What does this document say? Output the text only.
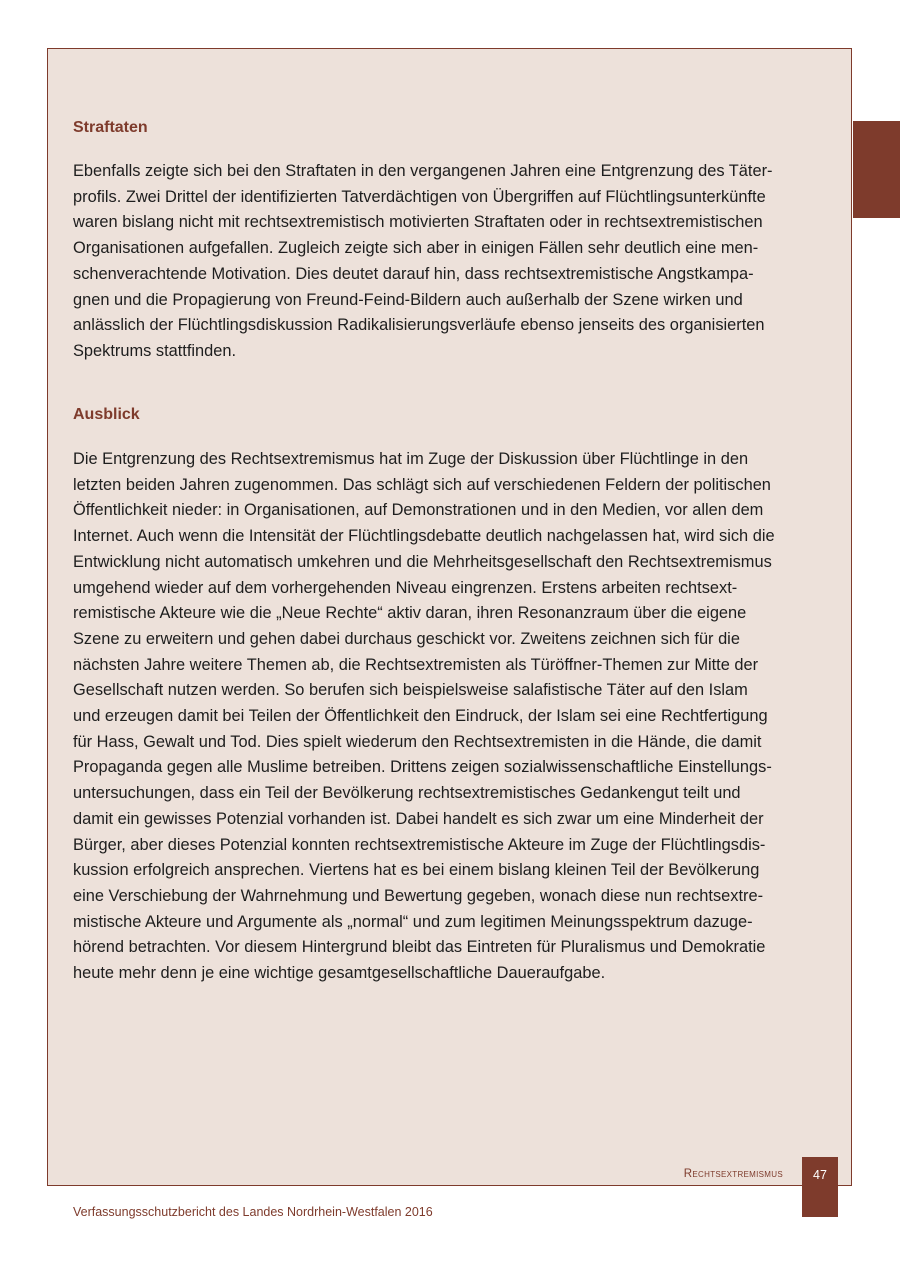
Straftaten

Ebenfalls zeigte sich bei den Straftaten in den vergangenen Jahren eine Entgrenzung des Täter-
profils. Zwei Drittel der identifizierten Tatverdächtigen von Übergriffen auf Flüchtlingsunterkünfte
waren bislang nicht mit rechtsextremistisch motivierten Straftaten oder in rechtsextremistischen
Organisationen aufgefallen. Zugleich zeigte sich aber in einigen Fällen sehr deutlich eine men-
schenverachtende Motivation. Dies deutet darauf hin, dass rechtsextremistische Angstkampa-
gnen und die Propagierung von Freund-Feind-Bildern auch außerhalb der Szene wirken und
anlässlich der Flüchtlingsdiskussion Radikalisierungsverläufe ebenso jenseits des organisierten
Spektrums stattfinden.

Ausblick

Die Entgrenzung des Rechtsextremismus hat im Zuge der Diskussion über Flüchtlinge in den
letzten beiden Jahren zugenommen. Das schlägt sich auf verschiedenen Feldern der politischen
Öffentlichkeit nieder: in Organisationen, auf Demonstrationen und in den Medien, vor allen dem
Internet. Auch wenn die Intensität der Flüchtlingsdebatte deutlich nachgelassen hat, wird sich die
Entwicklung nicht automatisch umkehren und die Mehrheitsgesellschaft den Rechtsextremismus
umgehend wieder auf dem vorhergehenden Niveau eingrenzen. Erstens arbeiten rechtsext-
remistische Akteure wie die „Neue Rechte“ aktiv daran, ihren Resonanzraum über die eigene
Szene zu erweitern und gehen dabei durchaus geschickt vor. Zweitens zeichnen sich für die
nächsten Jahre weitere Themen ab, die Rechtsextremisten als Türöffner-Themen zur Mitte der
Gesellschaft nutzen werden. So berufen sich beispielsweise salafistische Täter auf den Islam
und erzeugen damit bei Teilen der Öffentlichkeit den Eindruck, der Islam sei eine Rechtfertigung
für Hass, Gewalt und Tod. Dies spielt wiederum den Rechtsextremisten in die Hände, die damit
Propaganda gegen alle Muslime betreiben. Drittens zeigen sozialwissenschaftliche Einstellungs-
untersuchungen, dass ein Teil der Bevölkerung rechtsextremistisches Gedankengut teilt und
damit ein gewisses Potenzial vorhanden ist. Dabei handelt es sich zwar um eine Minderheit der
Bürger, aber dieses Potenzial konnten rechtsextremistische Akteure im Zuge der Flüchtlingsdis-
kussion erfolgreich ansprechen. Viertens hat es bei einem bislang kleinen Teil der Bevölkerung
eine Verschiebung der Wahrnehmung und Bewertung gegeben, wonach diese nun rechtsextre-
mistische Akteure und Argumente als „normal“ und zum legitimen Meinungsspektrum dazuge-
hörend betrachten. Vor diesem Hintergrund bleibt das Eintreten für Pluralismus und Demokratie
heute mehr denn je eine wichtige gesamtgesellschaftliche Daueraufgabe.

Rechtsextremismus	47
Verfassungsschutzbericht des Landes Nordrhein-Westfalen 2016
